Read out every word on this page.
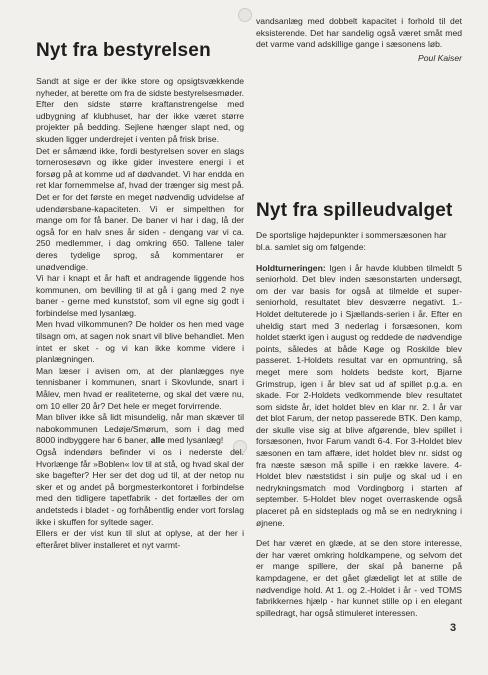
Nyt fra bestyrelsen

Sandt at sige er der ikke store og opsigtsvækkende nyheder, at berette om fra de sidste bestyrelsesmøder. Efter den sidste større kraftanstrengelse med udbygning af klubhuset, har der ikke været større projekter på bedding. Sejlene hænger slapt ned, og skuden ligger underdrejet i venten på frisk brise.

Det er såmænd ikke, fordi bestyrelsen sover en slags tornerosesøvn og ikke gider investere energi i et forsøg på at komme ud af dødvandet. Vi har endda en ret klar fornemmelse af, hvad der trænger sig mest på. Det er for det første en meget nødvendig udvidelse af udendørsbane-kapaciteten. Vi er simpelthen for mange om for få baner. De baner vi har i dag, lå der også for en halv snes år siden - dengang var vi ca. 250 medlemmer, i dag omkring 650. Tallene taler deres tydelige sprog, så kommentarer er unødvendige.

Vi har i knapt et år haft et andragende liggende hos kommunen, om bevilling til at gå i gang med 2 nye baner - gerne med kunststof, som vil egne sig godt i forbindelse med lysanlæg.

Men hvad vilkommunen? De holder os hen med vage tilsagn om, at sagen nok snart vil blive behandlet. Men intet er sket - og vi kan ikke komme videre i planlægningen.

Man læser i avisen om, at der planlægges nye tennisbaner i kommunen, snart i Skovlunde, snart i Målev, men hvad er realiteterne, og skal det være nu, om 10 eller 20 år? Det hele er meget forvirrende.

Man bliver ikke så lidt misundelig, når man skæver til nabokommunen Ledøje/Smørum, som i dag med 8000 indbyggere har 6 baner, alle med lysanlæg!

Også indendørs befinder vi os i nederste del. Hvorlænge får »Boblen« lov til at stå, og hvad skal der ske bagefter? Her ser det dog ud til, at der netop nu sker et og andet på borgmesterkontoret i forbindelse med den tidligere tapetfabrik - det fortælles der om andetsteds i bladet - og forhåbentlig ender vort forslag ikke i skuffen for syltede sager.

Ellers er der vist kun til slut at oplyse, at der her i efteråret bliver installeret et nyt varmt-

vandsanlæg med dobbelt kapacitet i forhold til det eksisterende. Det har sandelig også været småt med det varme vand adskillige gange i sæsonens løb.

Poul Kaiser
Nyt fra spilleudvalget

De sportslige højdepunkter i sommersæsonen har bl.a. samlet sig om følgende:

Holdturneringen: Igen i år havde klubben tilmeldt 5 seniorhold. Det blev inden sæsonstarten undersøgt, om der var basis for også at tilmelde et super-seniorhold, resultatet blev desværre negativt. 1.-Holdet deltuterede jo i Sjællands-serien i år. Efter en uheldig start med 3 nederlag i forsæsonen, kom holdet stærkt igen i august og reddede de nødvendige points, således at både Køge og Roskilde blev passeret. 1-Holdets resultat var en opmuntring, så meget mere som holdets bedste kort, Bjarne Grimstrup, igen i år blev sat ud af spillet p.g.a. en skade. For 2-Holdets vedkommende blev resultatet som sidste år, idet holdet blev en klar nr. 2. I år var det blot Farum, der netop passerede BTK. Den kamp, der skulle vise sig at blive afgørende, blev spillet i forsæsonen, hvor Farum vandt 6-4. For 3-Holdet blev sæsonen en tam affære, idet holdet blev nr. sidst og fra næste sæson må spille i en række lavere. 4-Holdet blev næststidst i sin pulje og skal ud i en nedrykningsmatch mod Vordingborg i starten af september. 5-Holdet blev noget overraskende også placeret på en sidsteplads og må se en nedrykning i øjnene.

Det har været en glæde, at se den store interesse, der har været omkring holdkampene, og selvom det er mange spillere, der skal på banerne på kampdagene, er det gået glædeligt let at stille de nødvendige hold. At 1. og 2.-Holdet i år - ved TOMS fabrikkernes hjælp - har kunnet stille op i en elegant spilledragt, har også stimuleret interessen.

3
